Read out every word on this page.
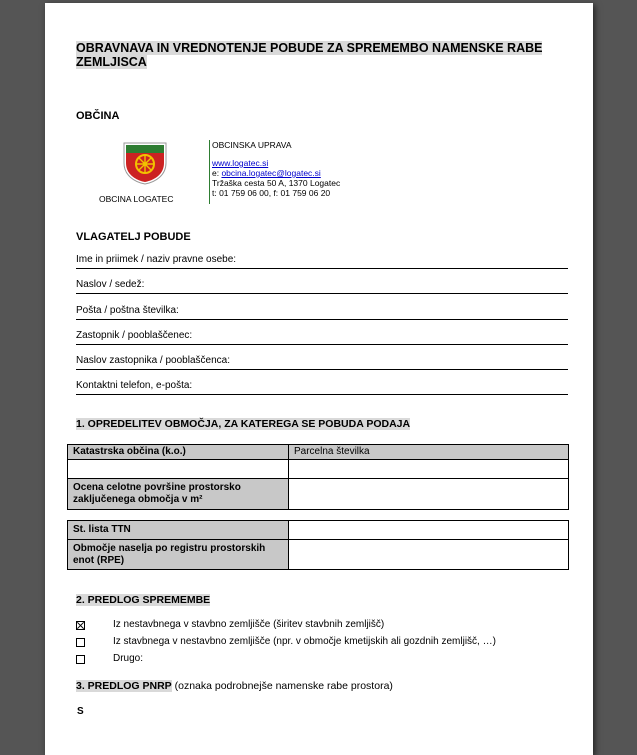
OBRAVNAVA IN VREDNOTENJE POBUDE ZA SPREMEMBO NAMENSKE RABE ZEMLJISCA
OBČINA
OBCINA LOGATEC
OBCINSKA UPRAVA
www.logatec.si
e: obcina.logatec@logatec.si
Tržaška cesta 50 A, 1370 Logatec
t: 01 759 06 00, f: 01 759 06 20
VLAGATELJ POBUDE
Ime in priimek / naziv pravne osebe:
Naslov / sedež:
Pošta / poštna številka:
Zastopnik / pooblaščenec:
Naslov zastopnika / pooblaščenca:
Kontaktni telefon, e-pošta:
1. OPREDELITEV OBMOČJA, ZA KATEREGA SE POBUDA PODAJA
Katastrska občina (k.o.)	Parcelna številka

Ocena celotne površine prostorsko zaključenega območja v m²	
St. lista TTN	
Območje naselja po registru prostorskih enot (RPE)	
2. PREDLOG SPREMEMBE
Iz nestavbnega v stavbno zemljišče (širitev stavbnih zemljišč)
Iz stavbnega v nestavbno zemljišče (npr. v območje kmetijskih ali gozdnih zemljišč, …)
Drugo:
3. PREDLOG PNRP (oznaka podrobnejše namenske rabe prostora)
S
